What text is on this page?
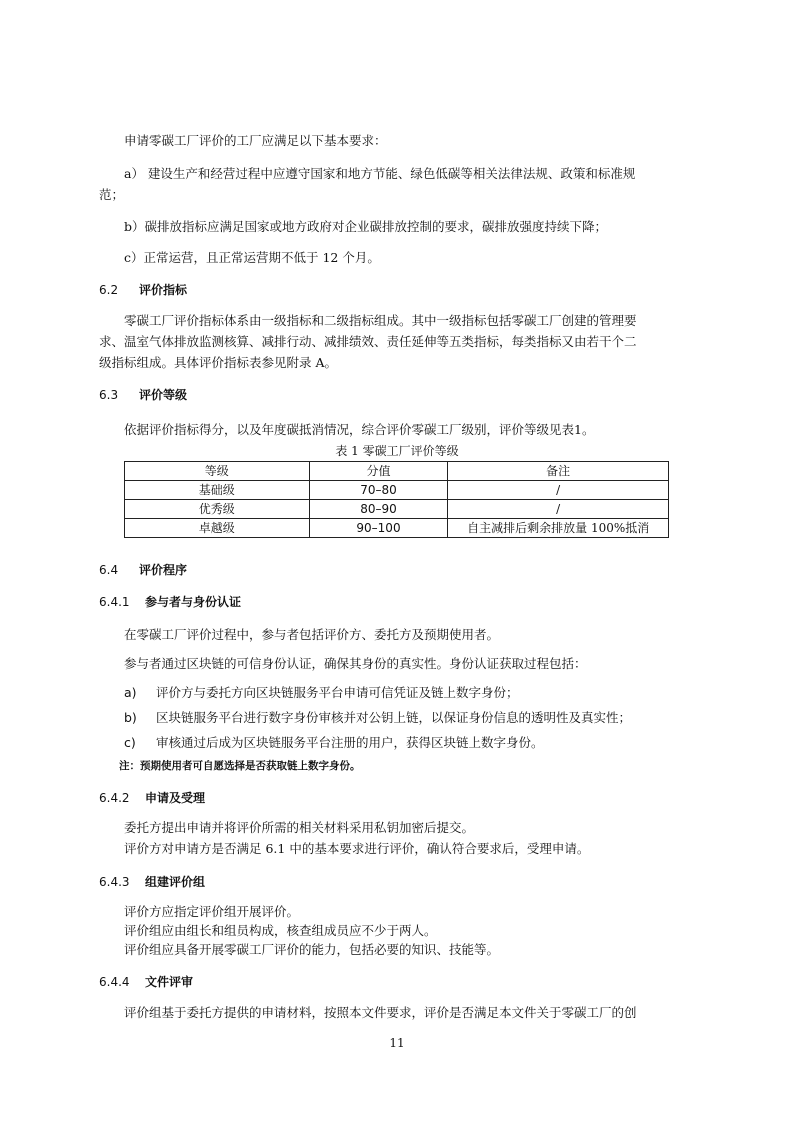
申请零碳工厂评价的工厂应满足以下基本要求：
a） 建设生产和经营过程中应遵守国家和地方节能、绿色低碳等相关法律法规、政策和标准规
范；
b）碳排放指标应满足国家或地方政府对企业碳排放控制的要求，碳排放强度持续下降；
c）正常运营，且正常运营期不低于 12 个月。
6.2 评价指标
零碳工厂评价指标体系由一级指标和二级指标组成。其中一级指标包括零碳工厂创建的管理要
求、温室气体排放监测核算、减排行动、减排绩效、责任延伸等五类指标，每类指标又由若干个二
级指标组成。具体评价指标表参见附录 A。
6.3 评价等级
依据评价指标得分，以及年度碳抵消情况，综合评价零碳工厂级别，评价等级见表1。
表 1 零碳工厂评价等级
等级	分值	备注
基础级	70–80	/
优秀级	80–90	/
卓越级	90–100	自主减排后剩余排放量 100%抵消
6.4 评价程序
6.4.1 参与者与身份认证
在零碳工厂评价过程中，参与者包括评价方、委托方及预期使用者。
参与者通过区块链的可信身份认证，确保其身份的真实性。身份认证获取过程包括：
a) 评价方与委托方向区块链服务平台申请可信凭证及链上数字身份；
b) 区块链服务平台进行数字身份审核并对公钥上链，以保证身份信息的透明性及真实性；
c) 审核通过后成为区块链服务平台注册的用户，获得区块链上数字身份。
注：预期使用者可自愿选择是否获取链上数字身份。
6.4.2 申请及受理
委托方提出申请并将评价所需的相关材料采用私钥加密后提交。
评价方对申请方是否满足 6.1 中的基本要求进行评价，确认符合要求后，受理申请。
6.4.3 组建评价组
评价方应指定评价组开展评价。
评价组应由组长和组员构成，核查组成员应不少于两人。
评价组应具备开展零碳工厂评价的能力，包括必要的知识、技能等。
6.4.4 文件评审
评价组基于委托方提供的申请材料，按照本文件要求，评价是否满足本文件关于零碳工厂的创
11
